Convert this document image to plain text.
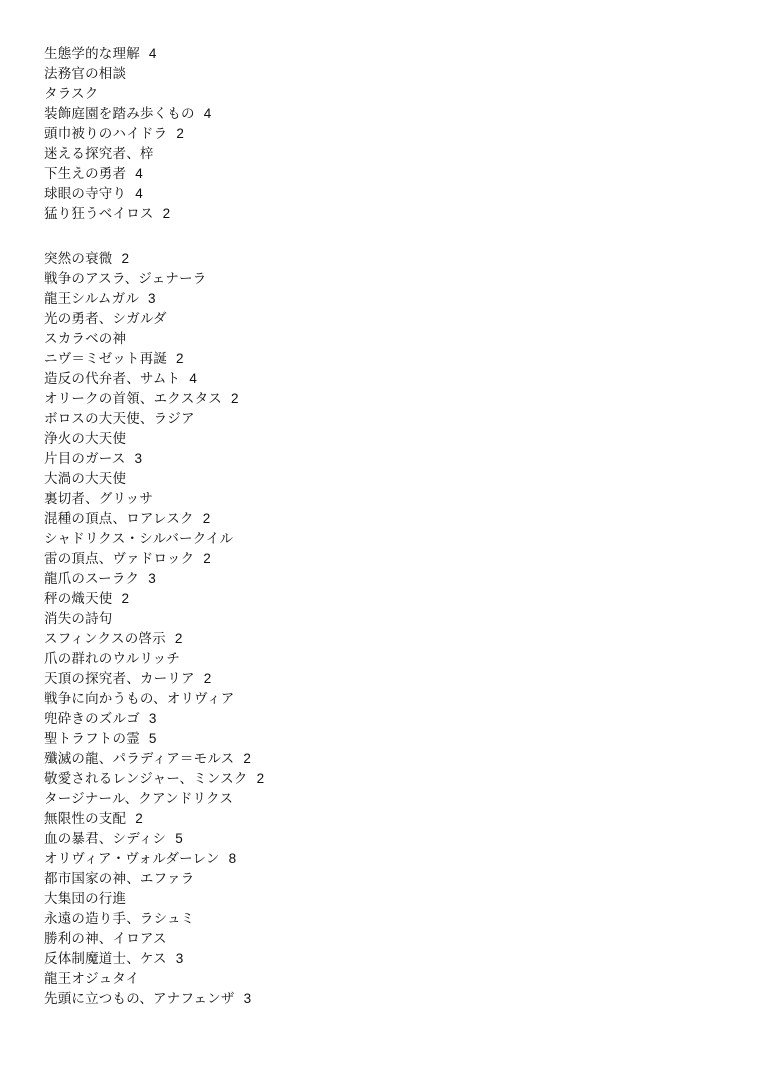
生態学的な理解 4
法務官の相談
タラスク
装飾庭園を踏み歩くもの 4
頭巾被りのハイドラ 2
迷える探究者、梓
下生えの勇者 4
球眼の寺守り 4
猛り狂うベイロス 2
突然の衰微 2
戦争のアスラ、ジェナーラ
龍王シルムガル 3
光の勇者、シガルダ
スカラベの神
ニヴ＝ミゼット再誕 2
造反の代弁者、サムト 4
オリークの首領、エクスタス 2
ボロスの大天使、ラジア
浄火の大天使
片目のガース 3
大渦の大天使
裏切者、グリッサ
混種の頂点、ロアレスク 2
シャドリクス・シルバークイル
雷の頂点、ヴァドロック 2
龍爪のスーラク 3
秤の熾天使 2
消失の詩句
スフィンクスの啓示 2
爪の群れのウルリッチ
天頂の探究者、カーリア 2
戦争に向かうもの、オリヴィア
兜砕きのズルゴ 3
聖トラフトの霊 5
殲滅の龍、パラディア＝モルス 2
敬愛されるレンジャー、ミンスク 2
タージナール、クアンドリクス
無限性の支配 2
血の暴君、シディシ 5
オリヴィア・ヴォルダーレン 8
都市国家の神、エファラ
大集団の行進
永遠の造り手、ラシュミ
勝利の神、イロアス
反体制魔道士、ケス 3
龍王オジュタイ
先頭に立つもの、アナフェンザ 3
